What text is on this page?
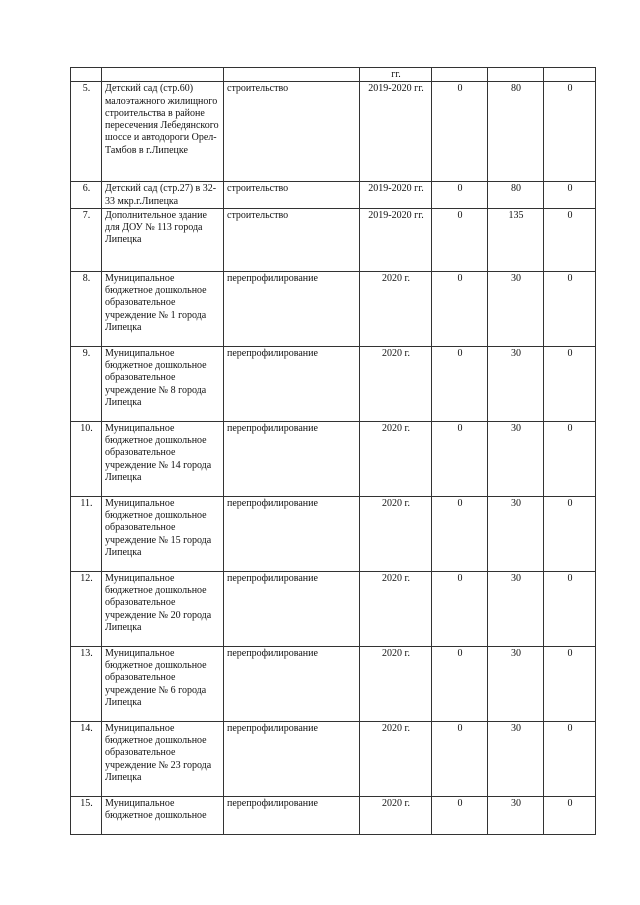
			гг.			
5.	Детский сад (стр.60) малоэтажного жилищного строительства в районе пересечения Лебедянского шоссе и автодороги Орел-Тамбов в г.Липецке	строительство	2019-2020 гг.	0	80	0
6.	Детский сад (стр.27) в 32-33 мкр.г.Липецка	строительство	2019-2020 гг.	0	80	0
7.	Дополнительное здание для ДОУ № 113 города Липецка	строительство	2019-2020 гг.	0	135	0
8.	Муниципальное бюджетное дошкольное образовательное учреждение № 1 города Липецка	перепрофилирование	2020 г.	0	30	0
9.	Муниципальное бюджетное дошкольное образовательное учреждение № 8 города Липецка	перепрофилирование	2020 г.	0	30	0
10.	Муниципальное бюджетное дошкольное образовательное учреждение № 14 города Липецка	перепрофилирование	2020 г.	0	30	0
11.	Муниципальное бюджетное дошкольное образовательное учреждение № 15 города Липецка	перепрофилирование	2020 г.	0	30	0
12.	Муниципальное бюджетное дошкольное образовательное учреждение № 20 города Липецка	перепрофилирование	2020 г.	0	30	0
13.	Муниципальное бюджетное дошкольное образовательное учреждение № 6 города Липецка	перепрофилирование	2020 г.	0	30	0
14.	Муниципальное бюджетное дошкольное образовательное учреждение № 23 города Липецка	перепрофилирование	2020 г.	0	30	0
15.	Муниципальное бюджетное дошкольное	перепрофилирование	2020 г.	0	30	0
